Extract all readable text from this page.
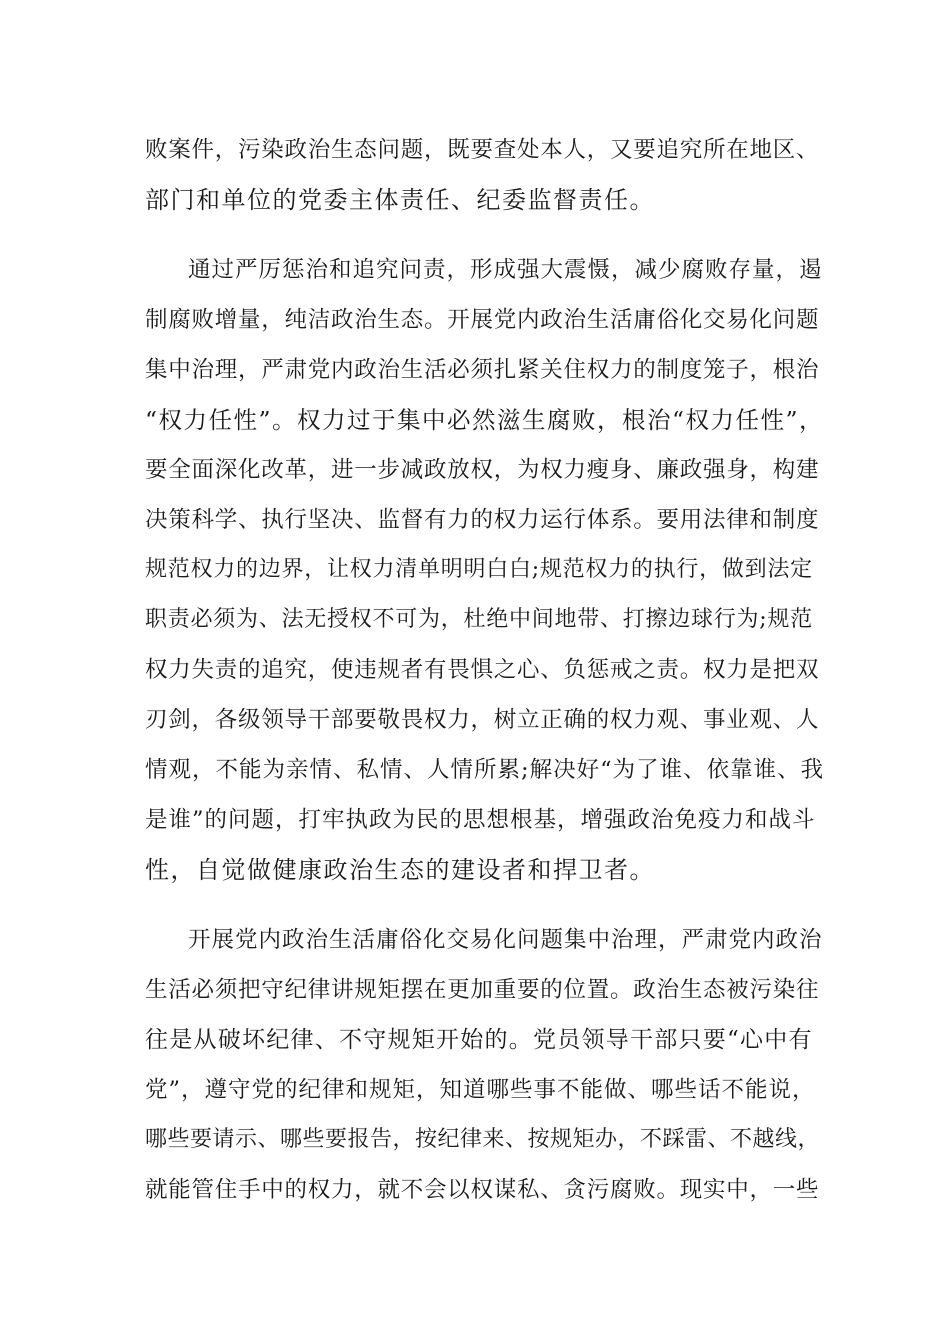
败案件，污染政治生态问题，既要查处本人，又要追究所在地区、
部门和单位的党委主体责任、纪委监督责任。
通过严厉惩治和追究问责，形成强大震慑，减少腐败存量，遏
制腐败增量，纯洁政治生态。开展党内政治生活庸俗化交易化问题
集中治理，严肃党内政治生活必须扎紧关住权力的制度笼子，根治
“权力任性”。权力过于集中必然滋生腐败，根治“权力任性”，
要全面深化改革，进一步减政放权，为权力瘦身、廉政强身，构建
决策科学、执行坚决、监督有力的权力运行体系。要用法律和制度
规范权力的边界，让权力清单明明白白;规范权力的执行，做到法定
职责必须为、法无授权不可为，杜绝中间地带、打擦边球行为;规范
权力失责的追究，使违规者有畏惧之心、负惩戒之责。权力是把双
刃剑，各级领导干部要敬畏权力，树立正确的权力观、事业观、人
情观，不能为亲情、私情、人情所累;解决好“为了谁、依靠谁、我
是谁”的问题，打牢执政为民的思想根基，增强政治免疫力和战斗
性，自觉做健康政治生态的建设者和捍卫者。
开展党内政治生活庸俗化交易化问题集中治理，严肃党内政治
生活必须把守纪律讲规矩摆在更加重要的位置。政治生态被污染往
往是从破坏纪律、不守规矩开始的。党员领导干部只要“心中有
党”，遵守党的纪律和规矩，知道哪些事不能做、哪些话不能说，
哪些要请示、哪些要报告，按纪律来、按规矩办，不踩雷、不越线，
就能管住手中的权力，就不会以权谋私、贪污腐败。现实中，一些
